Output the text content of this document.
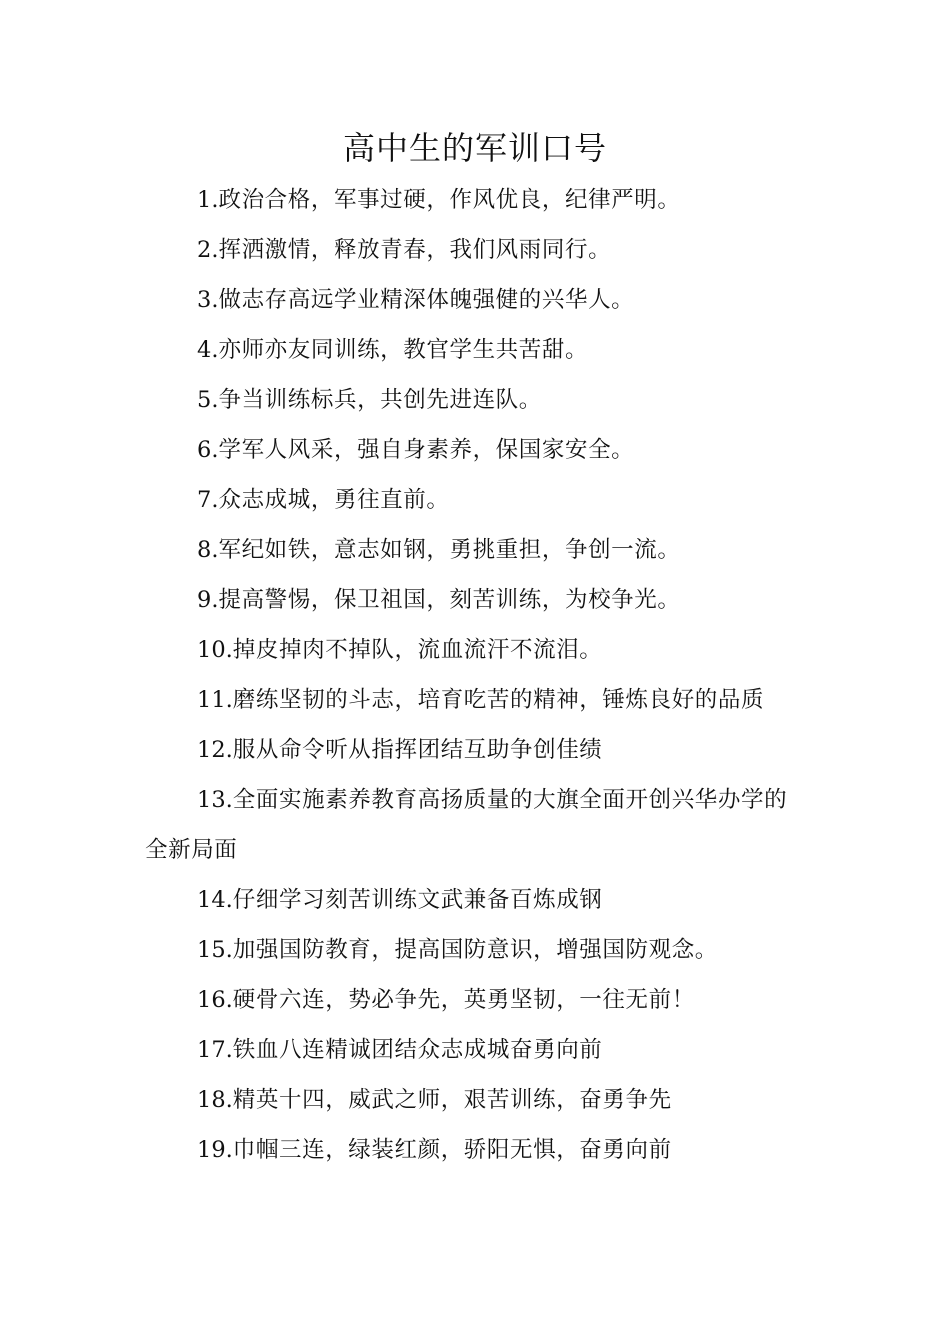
高中生的军训口号

1.政治合格，军事过硬，作风优良，纪律严明。

2.挥洒激情，释放青春，我们风雨同行。

3.做志存高远学业精深体魄强健的兴华人。

4.亦师亦友同训练，教官学生共苦甜。

5.争当训练标兵，共创先进连队。

6.学军人风采，强自身素养，保国家安全。

7.众志成城，勇往直前。

8.军纪如铁，意志如钢，勇挑重担，争创一流。

9.提高警惕，保卫祖国，刻苦训练，为校争光。

10.掉皮掉肉不掉队，流血流汗不流泪。

11.磨练坚韧的斗志，培育吃苦的精神，锤炼良好的品质

12.服从命令听从指挥团结互助争创佳绩

13.全面实施素养教育高扬质量的大旗全面开创兴华办学的全新局面

14.仔细学习刻苦训练文武兼备百炼成钢

15.加强国防教育，提高国防意识，增强国防观念。

16.硬骨六连，势必争先，英勇坚韧，一往无前！

17.铁血八连精诚团结众志成城奋勇向前

18.精英十四，威武之师，艰苦训练，奋勇争先

19.巾帼三连，绿装红颜，骄阳无惧，奋勇向前
